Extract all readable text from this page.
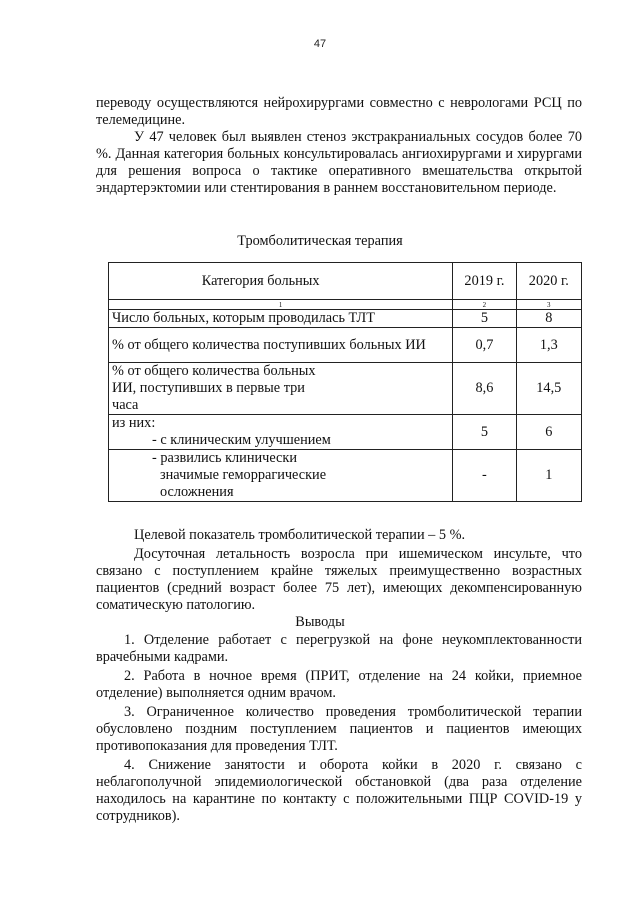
47
переводу осуществляются нейрохирургами совместно с неврологами РСЦ по телемедицине.
У 47 человек был выявлен стеноз экстракраниальных сосудов более 70 %. Данная категория больных консультировалась ангиохирургами и хирургами для решения вопроса о тактике оперативного вмешательства открытой эндартерэктомии или стентирования в раннем восстановительном периоде.
Тромболитическая терапия
Категория больных	2019 г.	2020 г.
1	2	3
Число больных, которым проводилась ТЛТ	5	8
% от общего количества поступивших больных ИИ	0,7	1,3

% от общего количества больных
ИИ, поступивших в первые три
часа	8,6	14,5

из них:
- с клиническим улучшением	5	6

- развились клинически
значимые геморрагические
осложнения	-	1
Целевой показатель тромболитической терапии – 5 %.
Досуточная летальность возросла при ишемическом инсульте, что связано с поступлением крайне тяжелых преимущественно возрастных пациентов (средний возраст более 75 лет), имеющих декомпенсированную соматическую патологию.
Выводы
1. Отделение работает с перегрузкой на фоне неукомплектованности врачебными кадрами.
2. Работа в ночное время (ПРИТ, отделение на 24 койки, приемное отделение) выполняется одним врачом.
3. Ограниченное количество проведения тромболитической терапии обусловлено поздним поступлением пациентов и пациентов имеющих противопоказания для проведения ТЛТ.
4. Снижение занятости и оборота койки в 2020 г. связано с неблагополучной эпидемиологической обстановкой (два раза отделение находилось на карантине по контакту с положительными ПЦР COVID-19 у сотрудников).
